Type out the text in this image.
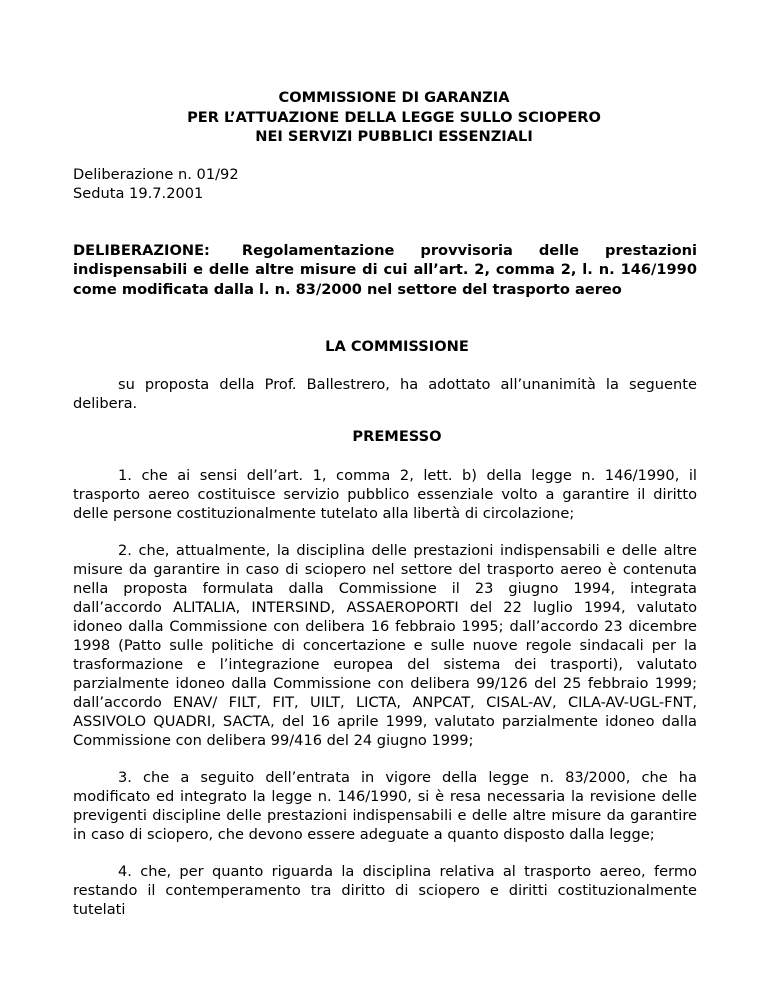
COMMISSIONE DI GARANZIA
PER L’ATTUAZIONE DELLA LEGGE SULLO SCIOPERO
NEI SERVIZI PUBBLICI ESSENZIALI
Deliberazione n. 01/92
Seduta 19.7.2001
DELIBERAZIONE: Regolamentazione provvisoria delle prestazioni indispensabili e delle altre misure di cui all’art. 2, comma 2, l. n. 146/1990 come modificata dalla l. n. 83/2000 nel settore del trasporto aereo
LA COMMISSIONE
su proposta della Prof. Ballestrero, ha adottato all’unanimità la seguente delibera.
PREMESSO
1. che ai sensi dell’art. 1, comma 2, lett. b) della legge n. 146/1990, il trasporto aereo costituisce servizio pubblico essenziale volto a garantire il diritto delle persone costituzionalmente tutelato alla libertà di circolazione;
2. che, attualmente, la disciplina delle prestazioni indispensabili e delle altre misure da garantire in caso di sciopero nel settore del trasporto aereo è contenuta nella proposta formulata dalla Commissione il 23 giugno 1994, integrata dall’accordo ALITALIA, INTERSIND, ASSAEROPORTI del 22 luglio 1994, valutato idoneo dalla Commissione con delibera 16 febbraio 1995; dall’accordo 23 dicembre 1998 (Patto sulle politiche di concertazione e sulle nuove regole sindacali per la trasformazione e l’integrazione europea del sistema dei trasporti), valutato parzialmente idoneo dalla Commissione con delibera 99/126 del 25 febbraio 1999; dall’accordo ENAV/ FILT, FIT, UILT, LICTA, ANPCAT, CISAL-AV, CILA-AV-UGL-FNT, ASSIVOLO QUADRI, SACTA, del 16 aprile 1999, valutato parzialmente idoneo dalla Commissione con delibera 99/416 del 24 giugno 1999;
3. che a seguito dell’entrata in vigore della legge n. 83/2000, che ha modificato ed integrato la legge n. 146/1990, si è resa necessaria la revisione delle previgenti discipline delle prestazioni indispensabili e delle altre misure da garantire in caso di sciopero, che devono essere adeguate a quanto disposto dalla legge;
4. che, per quanto riguarda la disciplina relativa al trasporto aereo, fermo restando il contemperamento tra diritto di sciopero e diritti costituzionalmente tutelati
